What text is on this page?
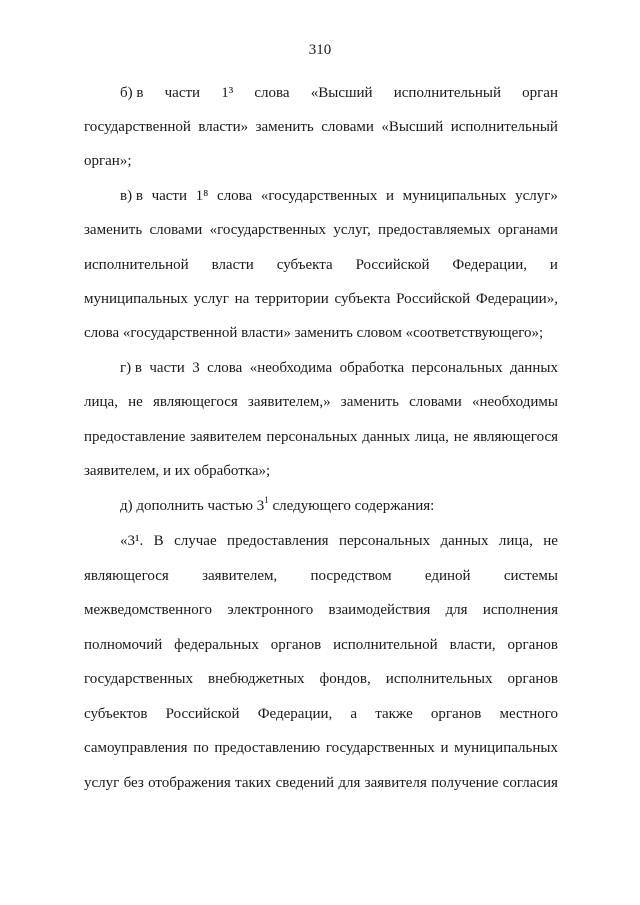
310
б) в части 1³ слова «Высший исполнительный орган
государственной власти» заменить словами «Высший исполнительный
орган»;
в) в части 1⁸ слова «государственных и муниципальных услуг»
заменить словами «государственных услуг, предоставляемых органами
исполнительной власти субъекта Российской Федерации, и
муниципальных услуг на территории субъекта Российской Федерации»,
слова «государственной власти» заменить словом «соответствующего»;
г) в части 3 слова «необходима обработка персональных данных
лица, не являющегося заявителем,» заменить словами «необходимы
предоставление заявителем персональных данных лица, не являющегося
заявителем, и их обработка»;
д) дополнить частью $3^1$ следующего содержания:
«3¹. В случае предоставления персональных данных лица, не
являющегося заявителем, посредством единой системы
межведомственного электронного взаимодействия для исполнения
полномочий федеральных органов исполнительной власти, органов
государственных внебюджетных фондов, исполнительных органов
субъектов Российской Федерации, а также органов местного
самоуправления по предоставлению государственных и муниципальных
услуг без отображения таких сведений для заявителя получение согласия
